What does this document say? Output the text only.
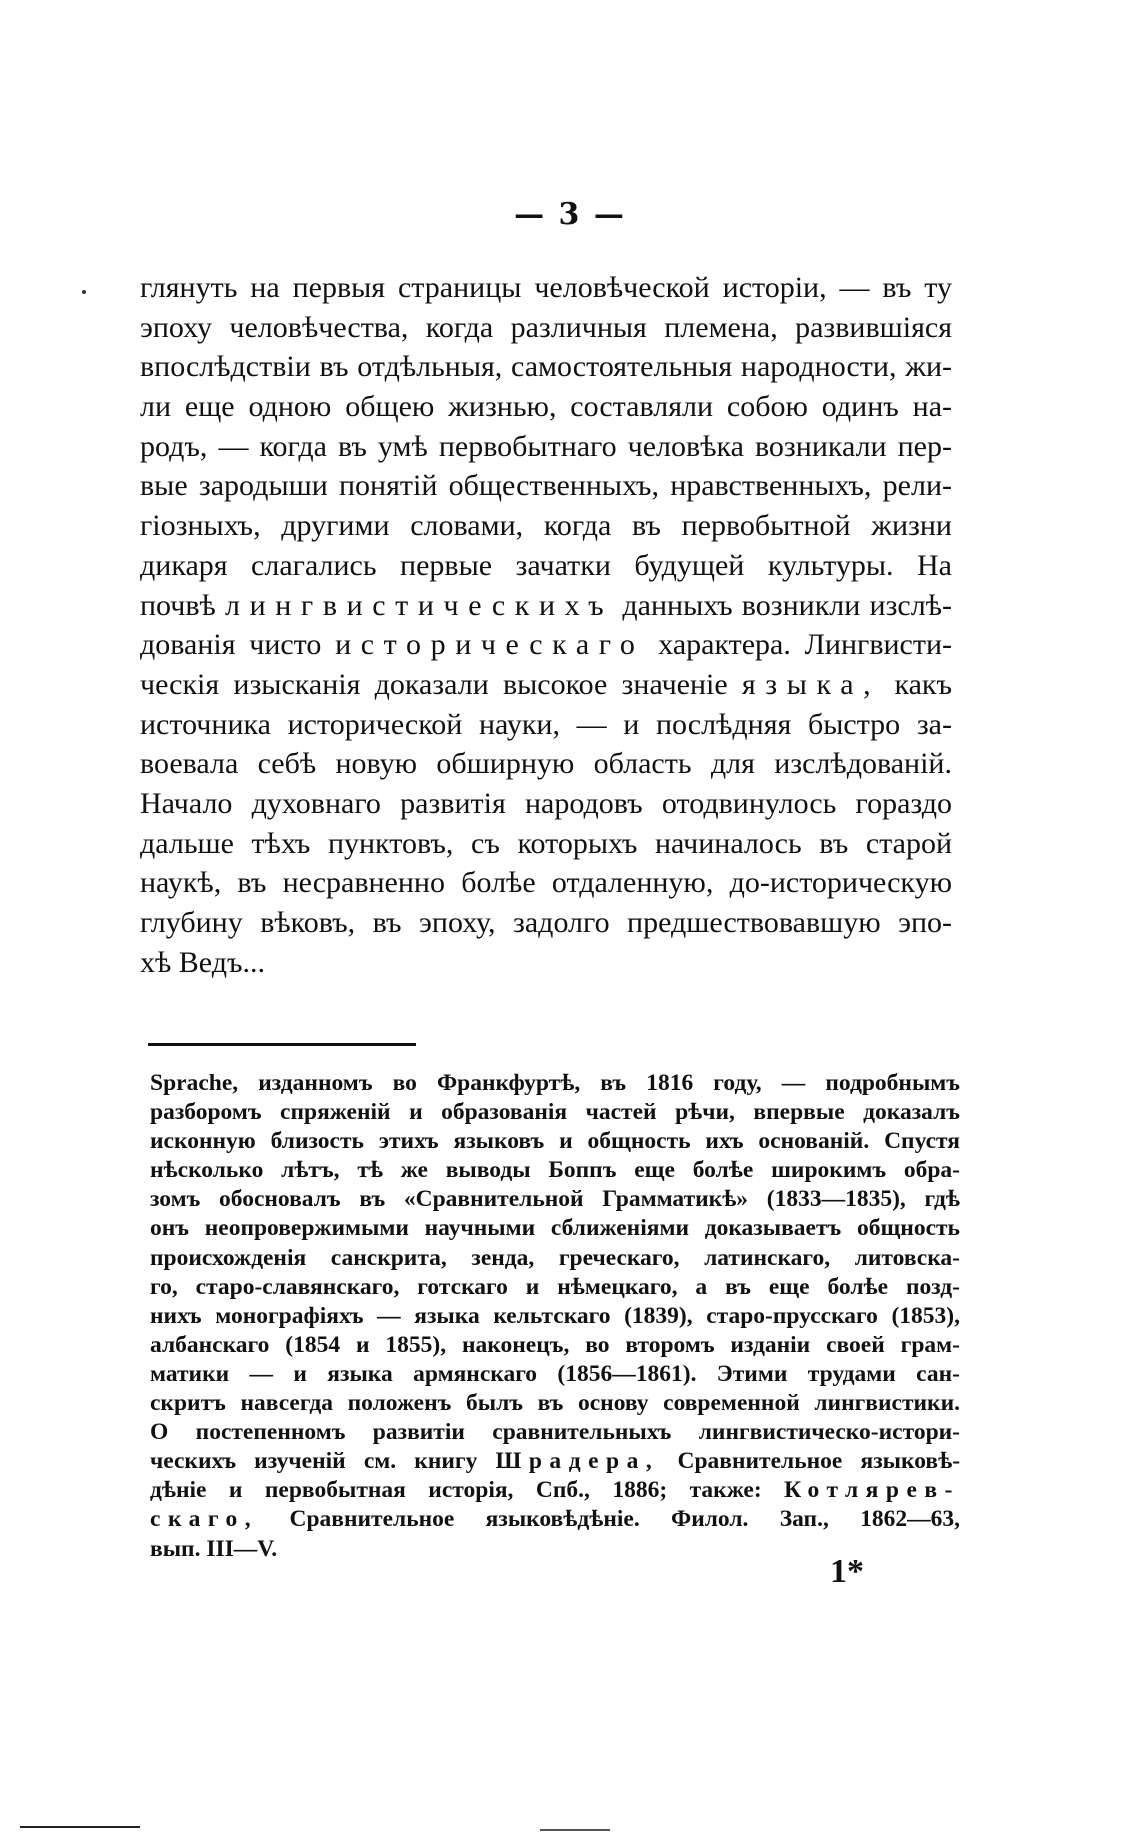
— 3 —
глянуть на первыя страницы человѣческой исторіи, — въ ту
эпоху человѣчества, когда различныя племена, развившіяся
впослѣдствіи въ отдѣльныя, самостоятельныя народности, жи-
ли еще одною общею жизнью, составляли собою одинъ на-
родъ, — когда въ умѣ первобытнаго человѣка возникали пер-
вые зародыши понятій общественныхъ, нравственныхъ, рели-
гіозныхъ, другими словами, когда въ первобытной жизни
дикаря слагались первые зачатки будущей культуры. На
почвѣ лингвистическихъ данныхъ возникли изслѣ-
дованія чисто историческаго характера. Лингвисти-
ческія изысканія доказали высокое значеніе языка, какъ
источника исторической науки, — и послѣдняя быстро за-
воевала себѣ новую обширную область для изслѣдованій.
Начало духовнаго развитія народовъ отодвинулось гораздо
дальше тѣхъ пунктовъ, съ которыхъ начиналось въ старой
наукѣ, въ несравненно болѣе отдаленную, до-историческую
глубину вѣковъ, въ эпоху, задолго предшествовавшую эпо-
хѣ Ведъ...
Sprache, изданномъ во Франкфуртѣ, въ 1816 году, — подробнымъ
разборомъ спряженій и образованія частей рѣчи, впервые доказалъ
исконную близость этихъ языковъ и общность ихъ основаній. Спустя
нѣсколько лѣтъ, тѣ же выводы Боппъ еще болѣе широкимъ обра-
зомъ обосновалъ въ «Сравнительной Грамматикѣ» (1833—1835), гдѣ
онъ неопровержимыми научными сближеніями доказываетъ общность
происхожденія санскрита, зенда, греческаго, латинскаго, литовска-
го, старо-славянскаго, готскаго и нѣмецкаго, а въ еще болѣе позд-
нихъ монографіяхъ — языка кельтскаго (1839), старо-прусскаго (1853),
албанскаго (1854 и 1855), наконецъ, во второмъ изданіи своей грам-
матики — и языка армянскаго (1856—1861). Этими трудами сан-
скритъ навсегда положенъ былъ въ основу современной лингвистики.
О постепенномъ развитіи сравнительныхъ лингвистическо-истори-
ческихъ изученій см. книгу Шрадера, Сравнительное языковѣ-
дѣніе и первобытная исторія, Спб., 1886; также: Котлярев-
скаго, Сравнительное языковѣдѣніе. Филол. Зап., 1862—63,
вып. III—V.
1*
